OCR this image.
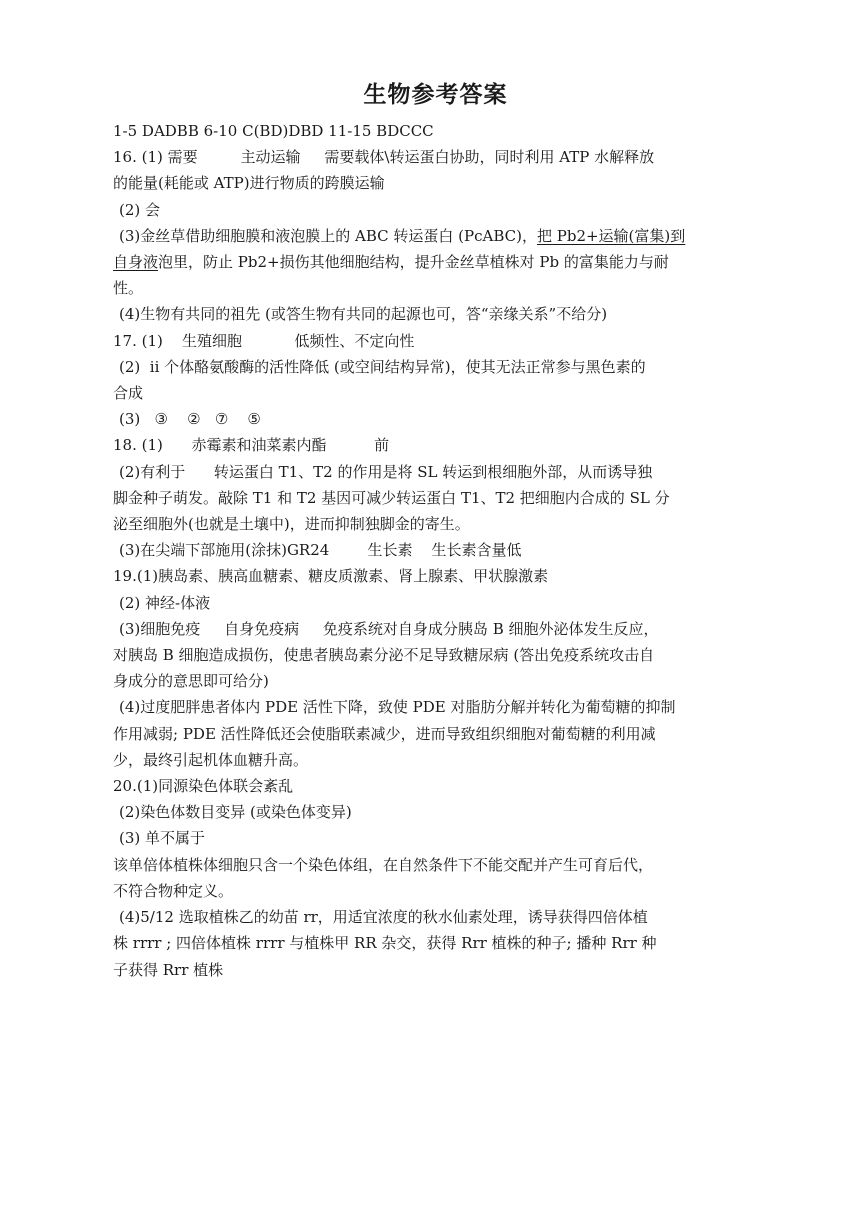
生物参考答案

1-5 DADBB 6-10 C(BD)DBD 11-15 BDCCC

16. (1) 需要         主动运输     需要载体\转运蛋白协助，同时利用 ATP 水解释放

的能量(耗能或 ATP)进行物质的跨膜运输

(2) 会

(3)金丝草借助细胞膜和液泡膜上的 ABC 转运蛋白 (PcABC)，把 Pb2+运输(富集)到

自身液泡里，防止 Pb2+损伤其他细胞结构，提升金丝草植株对 Pb 的富集能力与耐

性。

(4)生物有共同的祖先 (或答生物有共同的起源也可，答“亲缘关系”不给分)

17. (1)    生殖细胞           低频性、不定向性

(2)  ii 个体酪氨酸酶的活性降低 (或空间结构异常)，使其无法正常参与黑色素的

合成

(3)   ③    ②   ⑦    ⑤

18. (1)      赤霉素和油菜素内酯          前

(2)有利于      转运蛋白 T1、T2 的作用是将 SL 转运到根细胞外部，从而诱导独

脚金种子萌发。敲除 T1 和 T2 基因可减少转运蛋白 T1、T2 把细胞内合成的 SL 分

泌至细胞外(也就是土壤中)，进而抑制独脚金的寄生。

(3)在尖端下部施用(涂抹)GR24        生长素    生长素含量低

19.(1)胰岛素、胰高血糖素、糖皮质激素、肾上腺素、甲状腺激素

(2) 神经-体液

(3)细胞免疫     自身免疫病     免疫系统对自身成分胰岛 B 细胞外泌体发生反应，

对胰岛 B 细胞造成损伤，使患者胰岛素分泌不足导致糖尿病 (答出免疫系统攻击自

身成分的意思即可给分)

(4)过度肥胖患者体内 PDE 活性下降，致使 PDE 对脂肪分解并转化为葡萄糖的抑制

作用减弱; PDE 活性降低还会使脂联素减少，进而导致组织细胞对葡萄糖的利用减

少，最终引起机体血糖升高。

20.(1)同源染色体联会紊乱

(2)染色体数目变异 (或染色体变异)

(3) 单不属于

该单倍体植株体细胞只含一个染色体组，在自然条件下不能交配并产生可育后代，

不符合物种定义。

(4)5/12 选取植株乙的幼苗 rr，用适宜浓度的秋水仙素处理，诱导获得四倍体植

株 rrrr ; 四倍体植株 rrrr 与植株甲 RR 杂交，获得 Rrr 植株的种子; 播种 Rrr 种

子获得 Rrr 植株
